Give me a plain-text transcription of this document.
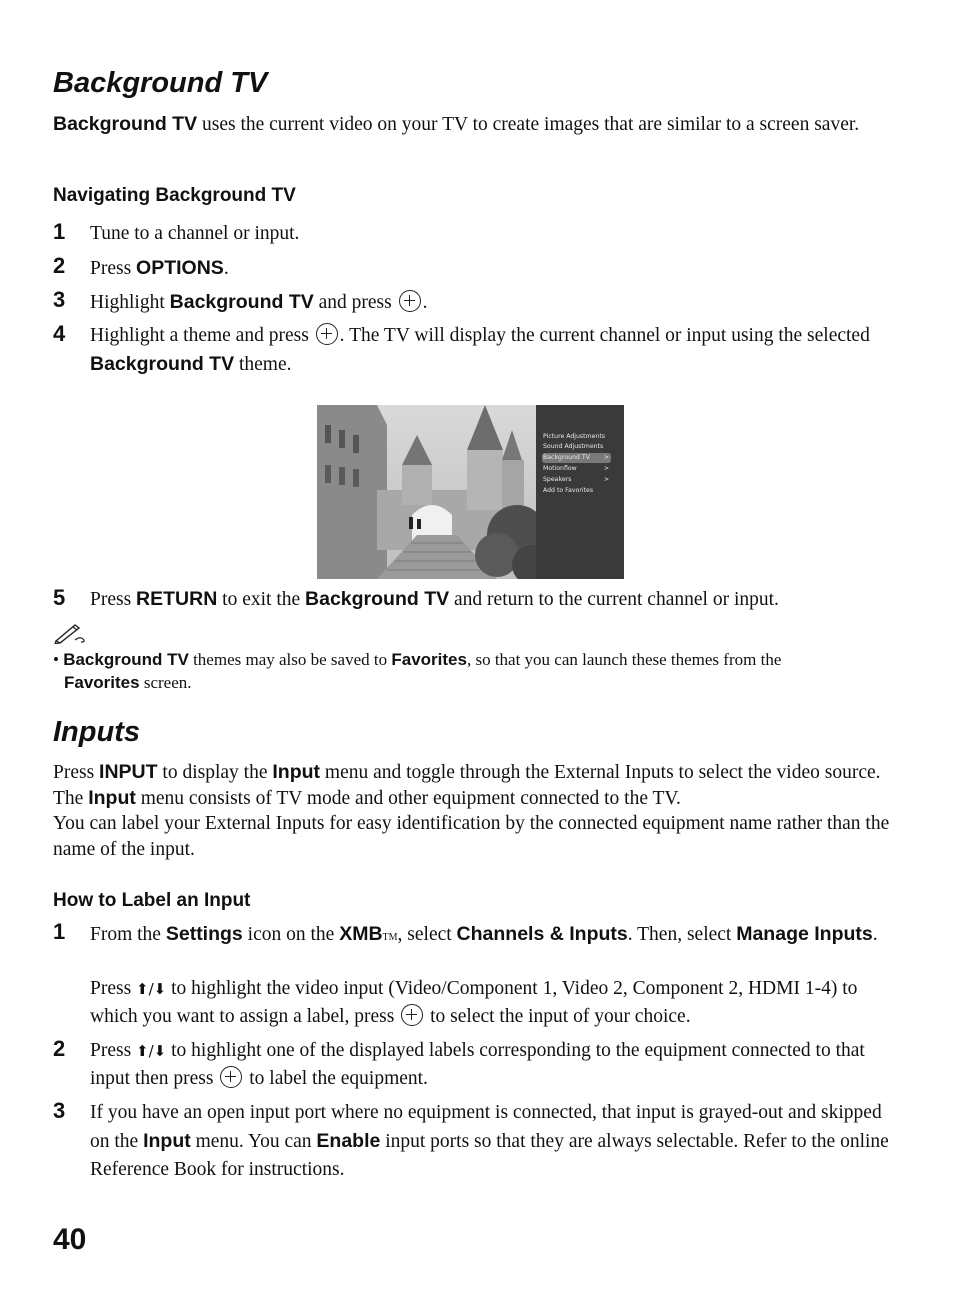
Background TV

Background TV uses the current video on your TV to create images that are similar to a screen saver.

Navigating Background TV
1 Tune to a channel or input.

2 Press OPTIONS.

3 Highlight Background TV and press .

4 Highlight a theme and press . The TV will display the current channel or input using the selected Background TV theme.

Picture Adjustments
Sound Adjustments
Background TV >
Motionflow	>
Speakers	>
Add to Favorites
5 Press RETURN to exit the Background TV and return to the current channel or input.

• Background TV themes may also be saved to Favorites, so that you can launch these themes from the
Favorites screen.

Inputs

Press INPUT to display the Input menu and toggle through the External Inputs to select the video source. The Input menu consists of TV mode and other equipment connected to the TV.
You can label your External Inputs for easy identification by the connected equipment name rather than the name of the input.

How to Label an Input
1 From the Settings icon on the XMBTM, select Channels & Inputs. Then, select Manage Inputs.

Press ⬆/⬇ to highlight the video input (Video/Component 1, Video 2, Component 2, HDMI 1-4) to which you want to assign a label, press  to select the input of your choice.

2 Press ⬆/⬇ to highlight one of the displayed labels corresponding to the equipment connected to that input then press  to label the equipment.

3 If you have an open input port where no equipment is connected, that input is grayed-out and skipped on the Input menu. You can Enable input ports so that they are always selectable. Refer to the online Reference Book for instructions.

40
